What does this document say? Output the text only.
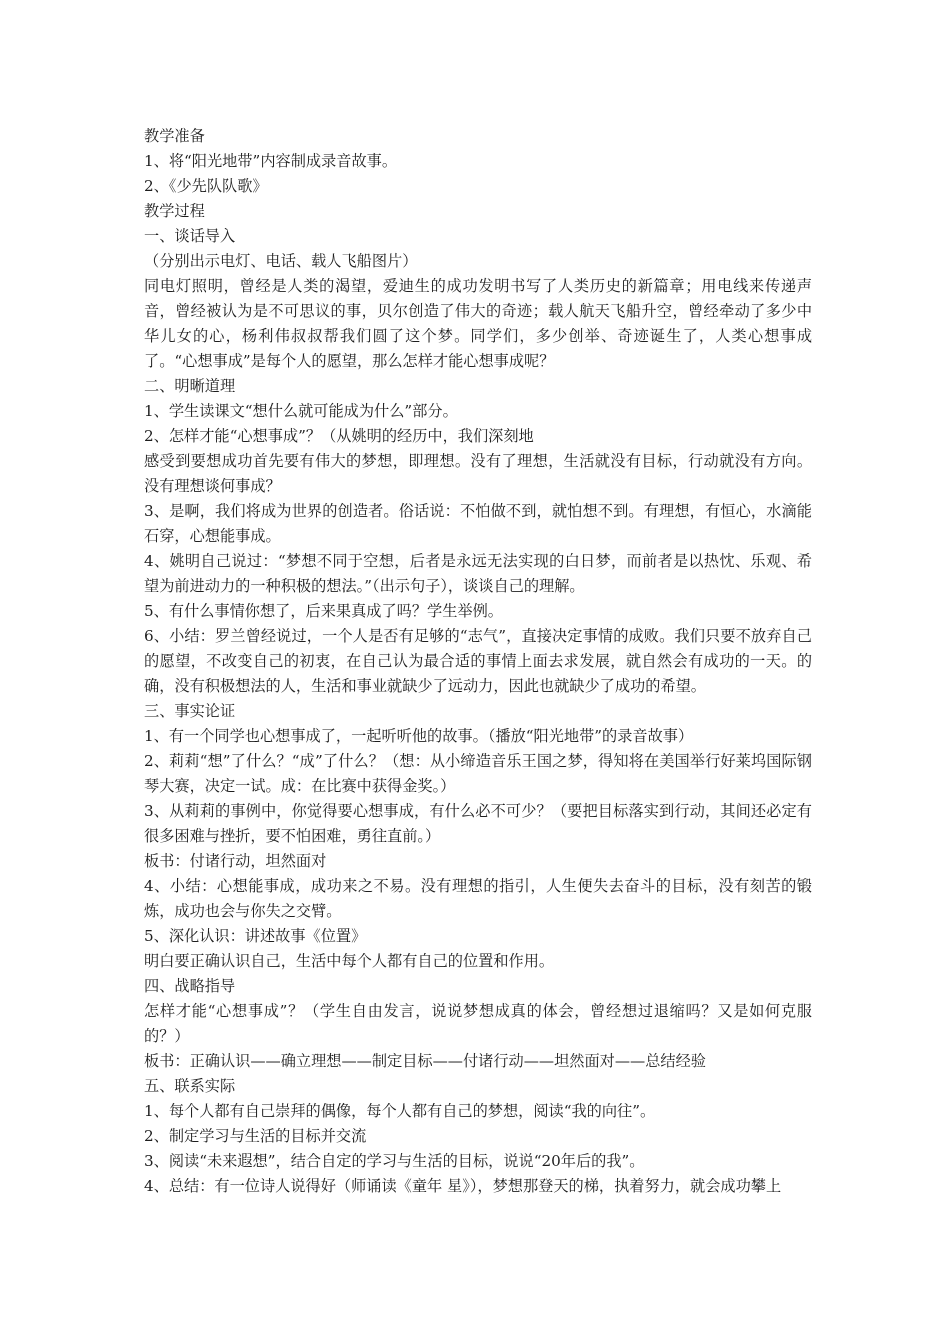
教学准备
1、将“阳光地带”内容制成录音故事。
2、《少先队队歌》
教学过程
一、谈话导入
（分别出示电灯、电话、载人飞船图片）
同电灯照明，曾经是人类的渴望，爱迪生的成功发明书写了人类历史的新篇章；用电线来传递声音，曾经被认为是不可思议的事，贝尔创造了伟大的奇迹；载人航天飞船升空，曾经牵动了多少中华儿女的心，杨利伟叔叔帮我们圆了这个梦。同学们，多少创举、奇迹诞生了，人类心想事成了。“心想事成”是每个人的愿望，那么怎样才能心想事成呢？
二、明晰道理
1、学生读课文“想什么就可能成为什么”部分。
2、怎样才能“心想事成”？（从姚明的经历中，我们深刻地
感受到要想成功首先要有伟大的梦想，即理想。没有了理想，生活就没有目标，行动就没有方向。没有理想谈何事成？
3、是啊，我们将成为世界的创造者。俗话说：不怕做不到，就怕想不到。有理想，有恒心，水滴能石穿，心想能事成。
4、姚明自己说过：“梦想不同于空想，后者是永远无法实现的白日梦，而前者是以热忱、乐观、希望为前进动力的一种积极的想法。”（出示句子），谈谈自己的理解。
5、有什么事情你想了，后来果真成了吗？学生举例。
6、小结：罗兰曾经说过，一个人是否有足够的“志气”，直接决定事情的成败。我们只要不放弃自己的愿望，不改变自己的初衷，在自己认为最合适的事情上面去求发展，就自然会有成功的一天。的确，没有积极想法的人，生活和事业就缺少了远动力，因此也就缺少了成功的希望。
三、事实论证
1、有一个同学也心想事成了，一起听听他的故事。（播放“阳光地带”的录音故事）
2、莉莉“想”了什么？“成”了什么？（想：从小缔造音乐王国之梦，得知将在美国举行好莱坞国际钢琴大赛，决定一试。成：在比赛中获得金奖。）
3、从莉莉的事例中，你觉得要心想事成，有什么必不可少？（要把目标落实到行动，其间还必定有很多困难与挫折，要不怕困难，勇往直前。）
板书：付诸行动，坦然面对
4、小结：心想能事成，成功来之不易。没有理想的指引，人生便失去奋斗的目标，没有刻苦的锻炼，成功也会与你失之交臂。
5、深化认识：讲述故事《位置》
明白要正确认识自己，生活中每个人都有自己的位置和作用。
四、战略指导
怎样才能“心想事成”？（学生自由发言，说说梦想成真的体会，曾经想过退缩吗？又是如何克服的？）
板书：正确认识——确立理想——制定目标——付诸行动——坦然面对——总结经验
五、联系实际
1、每个人都有自己崇拜的偶像，每个人都有自己的梦想，阅读“我的向往”。
2、制定学习与生活的目标并交流
3、阅读“未来遐想”，结合自定的学习与生活的目标，说说“20年后的我”。
4、总结：有一位诗人说得好（师诵读《童年 星》），梦想那登天的梯，执着努力，就会成功攀上
